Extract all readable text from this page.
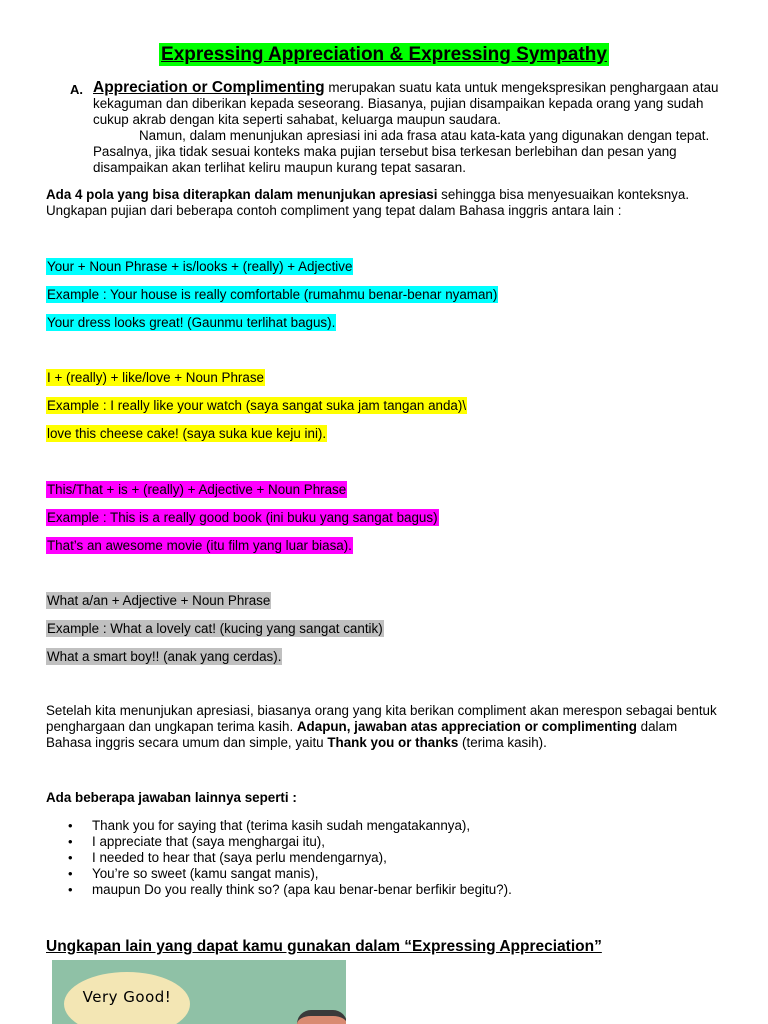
Expressing Appreciation & Expressing Sympathy
A. Appreciation or Complimenting merupakan suatu kata untuk mengekspresikan penghargaan atau kekaguman dan diberikan kepada seseorang. Biasanya, pujian disampaikan kepada orang yang sudah cukup akrab dengan kita seperti sahabat, keluarga maupun saudara.
Namun, dalam menunjukan apresiasi ini ada frasa atau kata-kata yang digunakan dengan tepat. Pasalnya, jika tidak sesuai konteks maka pujian tersebut bisa terkesan berlebihan dan pesan yang disampaikan akan terlihat keliru maupun kurang tepat sasaran.
Ada 4 pola yang bisa diterapkan dalam menunjukan apresiasi sehingga bisa menyesuaikan konteksnya. Ungkapan pujian dari beberapa contoh compliment yang tepat dalam Bahasa inggris antara lain :
Your + Noun Phrase + is/looks + (really) + Adjective
Example : Your house is really comfortable (rumahmu benar-benar nyaman)
Your dress looks great! (Gaunmu terlihat bagus).
I + (really) + like/love + Noun Phrase
Example : I really like your watch (saya sangat suka jam tangan anda)\
love this cheese cake! (saya suka kue keju ini).
This/That + is + (really) + Adjective + Noun Phrase
Example : This is a really good book (ini buku yang sangat bagus)
That’s an awesome movie (itu film yang luar biasa).
What a/an + Adjective + Noun Phrase
Example : What a lovely cat! (kucing yang sangat cantik)
What a smart boy!! (anak yang cerdas).
Setelah kita menunjukan apresiasi, biasanya orang yang kita berikan compliment akan merespon sebagai bentuk penghargaan dan ungkapan terima kasih. Adapun, jawaban atas appreciation or complimenting dalam Bahasa inggris secara umum dan simple, yaitu Thank you or thanks (terima kasih).
Ada beberapa jawaban lainnya seperti :
• Thank you for saying that (terima kasih sudah mengatakannya),
• I appreciate that (saya menghargai itu),
• I needed to hear that (saya perlu mendengarnya),
• You’re so sweet (kamu sangat manis),
• maupun Do you really think so? (apa kau benar-benar berfikir begitu?).
Ungkapan lain yang dapat kamu gunakan dalam “Expressing Appreciation”
Very Good!
